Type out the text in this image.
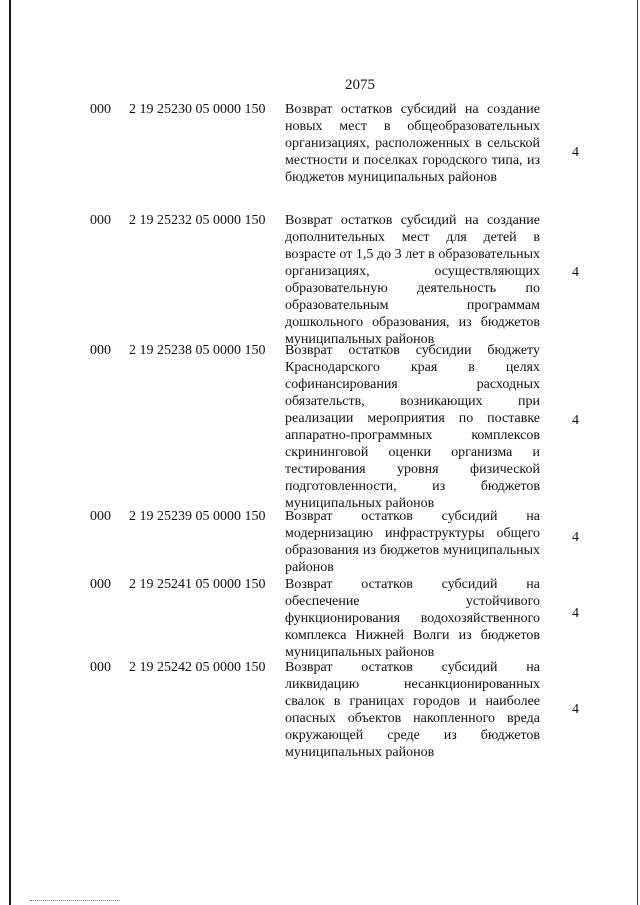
2075
000 2 19 25230 05 0000 150 Возврат остатков субсидий на создание новых мест в общеобразовательных организациях, расположенных в сельской местности и поселках городского типа, из бюджетов муниципальных районов
4
000 2 19 25232 05 0000 150 Возврат остатков субсидий на создание дополнительных мест для детей в возрасте от 1,5 до 3 лет в образовательных организациях, осуществляющих образовательную деятельность по образовательным программам дошкольного образования, из бюджетов муниципальных районов
4
000 2 19 25238 05 0000 150 Возврат остатков субсидии бюджету Краснодарского края в целях софинансирования расходных обязательств, возникающих при реализации мероприятия по поставке аппаратно-программных комплексов скрининговой оценки организма и тестирования уровня физической подготовленности, из бюджетов муниципальных районов
4
000 2 19 25239 05 0000 150 Возврат остатков субсидий на модернизацию инфраструктуры общего образования из бюджетов муниципальных районов
4
000 2 19 25241 05 0000 150 Возврат остатков субсидий на обеспечение устойчивого функционирования водохозяйственного комплекса Нижней Волги из бюджетов муниципальных районов
4
000 2 19 25242 05 0000 150 Возврат остатков субсидий на ликвидацию несанкционированных свалок в границах городов и наиболее опасных объектов накопленного вреда окружающей среде из бюджетов муниципальных районов
4
